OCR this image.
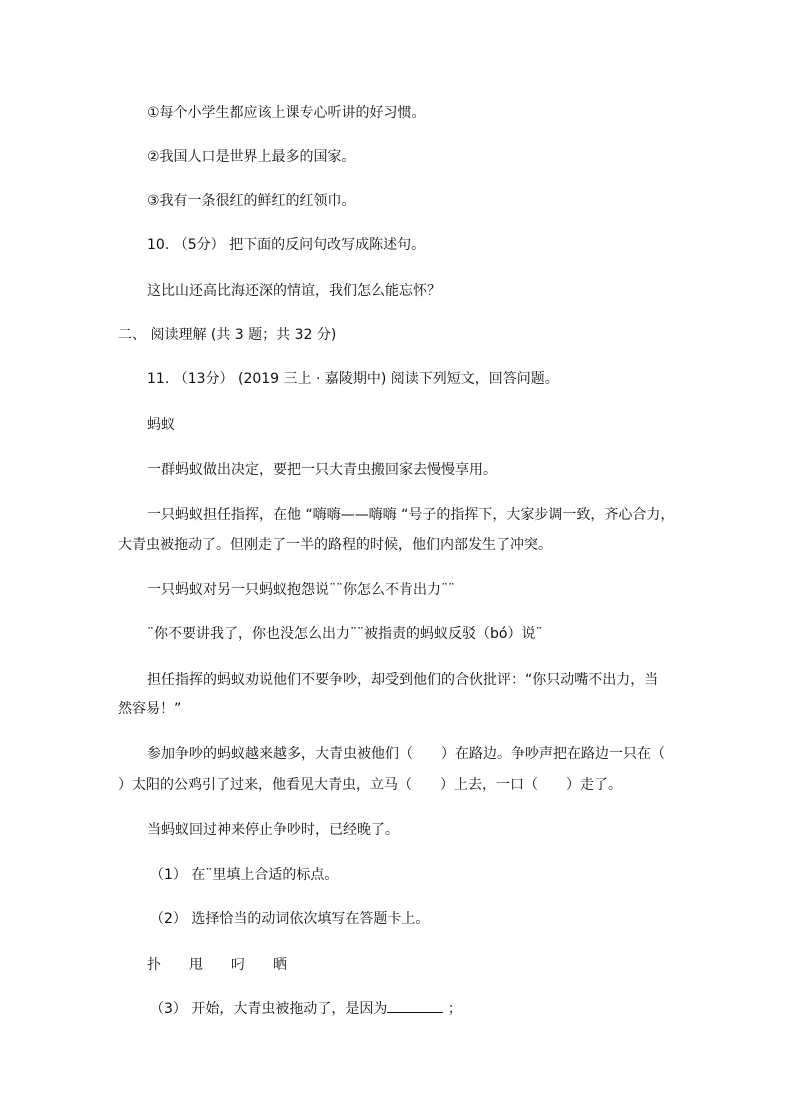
①每个小学生都应该上课专心听讲的好习惯。
②我国人口是世界上最多的国家。
③我有一条很红的鲜红的红领巾。
10. （5分） 把下面的反问句改写成陈述句。
这比山还高比海还深的情谊，我们怎么能忘怀？
二、 阅读理解 (共 3 题；共 32 分)
11. （13分） (2019 三上 · 嘉陵期中) 阅读下列短文，回答问题。
蚂蚁
一群蚂蚁做出决定，要把一只大青虫搬回家去慢慢享用。
一只蚂蚁担任指挥，在他 “嗨嗨——嗨嗨 “号子的指挥下，大家步调一致，齐心合力，
大青虫被拖动了。但刚走了一半的路程的时候，他们内部发生了冲突。
一只蚂蚁对另一只蚂蚁抱怨说¨¨你怎么不肯出力¨¨
¨你不要讲我了，你也没怎么出力¨¨被指责的蚂蚁反驳（bó）说¨
担任指挥的蚂蚁劝说他们不要争吵，却受到他们的合伙批评：“你只动嘴不出力，当
然容易！”
参加争吵的蚂蚁越来越多，大青虫被他们（　　）在路边。争吵声把在路边一只在（
）太阳的公鸡引了过来，他看见大青虫，立马（　　）上去，一口（　　）走了。
当蚂蚁回过神来停止争吵时，已经晚了。
（1） 在¨里填上合适的标点。
（2） 选择恰当的动词依次填写在答题卡上。
扑　　甩　　叼　　晒
（3） 开始，大青虫被拖动了，是因为	；
